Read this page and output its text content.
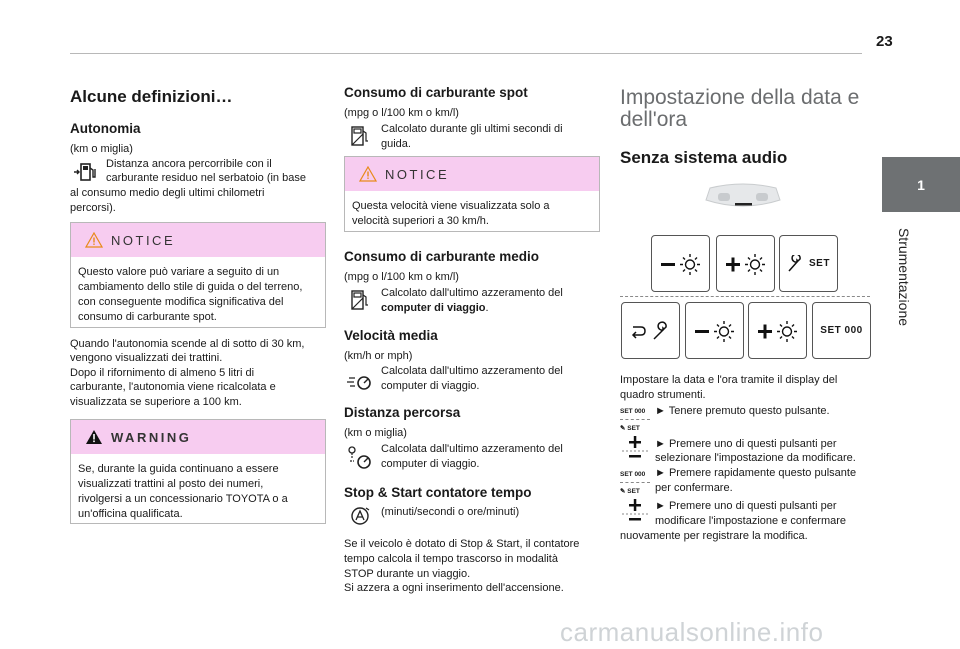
23
1
Strumentazione
Alcune definizioni…
Autonomia
(km o miglia)
Distanza ancora percorribile con il
carburante residuo nel serbatoio (in base
al consumo medio degli ultimi chilometri
percorsi).
NOTICE
Questo valore può variare a seguito di un
cambiamento dello stile di guida o del terreno,
con conseguente modifica significativa del
consumo di carburante spot.
Quando l'autonomia scende al di sotto di 30 km,
vengono visualizzati dei trattini.
Dopo il rifornimento di almeno 5 litri di
carburante, l'autonomia viene ricalcolata e
visualizzata se superiore a 100 km.
WARNING
Se, durante la guida continuano a essere
visualizzati trattini al posto dei numeri,
rivolgersi a un concessionario TOYOTA o a
un'officina qualificata.
Consumo di carburante spot
(mpg o l/100 km o km/l)
Calcolato durante gli ultimi secondi di
guida.
NOTICE
Questa velocità viene visualizzata solo a
velocità superiori a 30 km/h.
Consumo di carburante medio
(mpg o l/100 km o km/l)
Calcolato dall'ultimo azzeramento del
computer di viaggio.
Velocità media
(km/h or mph)
Calcolata dall'ultimo azzeramento del
computer di viaggio.
Distanza percorsa
(km o miglia)
Calcolata dall'ultimo azzeramento del
computer di viaggio.
Stop & Start contatore tempo
(minuti/secondi o ore/minuti)
Se il veicolo è dotato di Stop & Start, il contatore
tempo calcola il tempo trascorso in modalità
STOP durante un viaggio.
Si azzera a ogni inserimento dell'accensione.
Impostazione della data e
dell'ora
Senza sistema audio
SET
SET 000
Impostare la data e l'ora tramite il display del
quadro strumenti.
SET 000 ► Tenere premuto questo pulsante.
✎ SET
► Premere uno di questi pulsanti per
selezionare l'impostazione da modificare.
SET 000 ► Premere rapidamente questo pulsante
✎ SET per confermare.
► Premere uno di questi pulsanti per
modificare l'impostazione e confermare
nuovamente per registrare la modifica.
carmanualsonline.info
